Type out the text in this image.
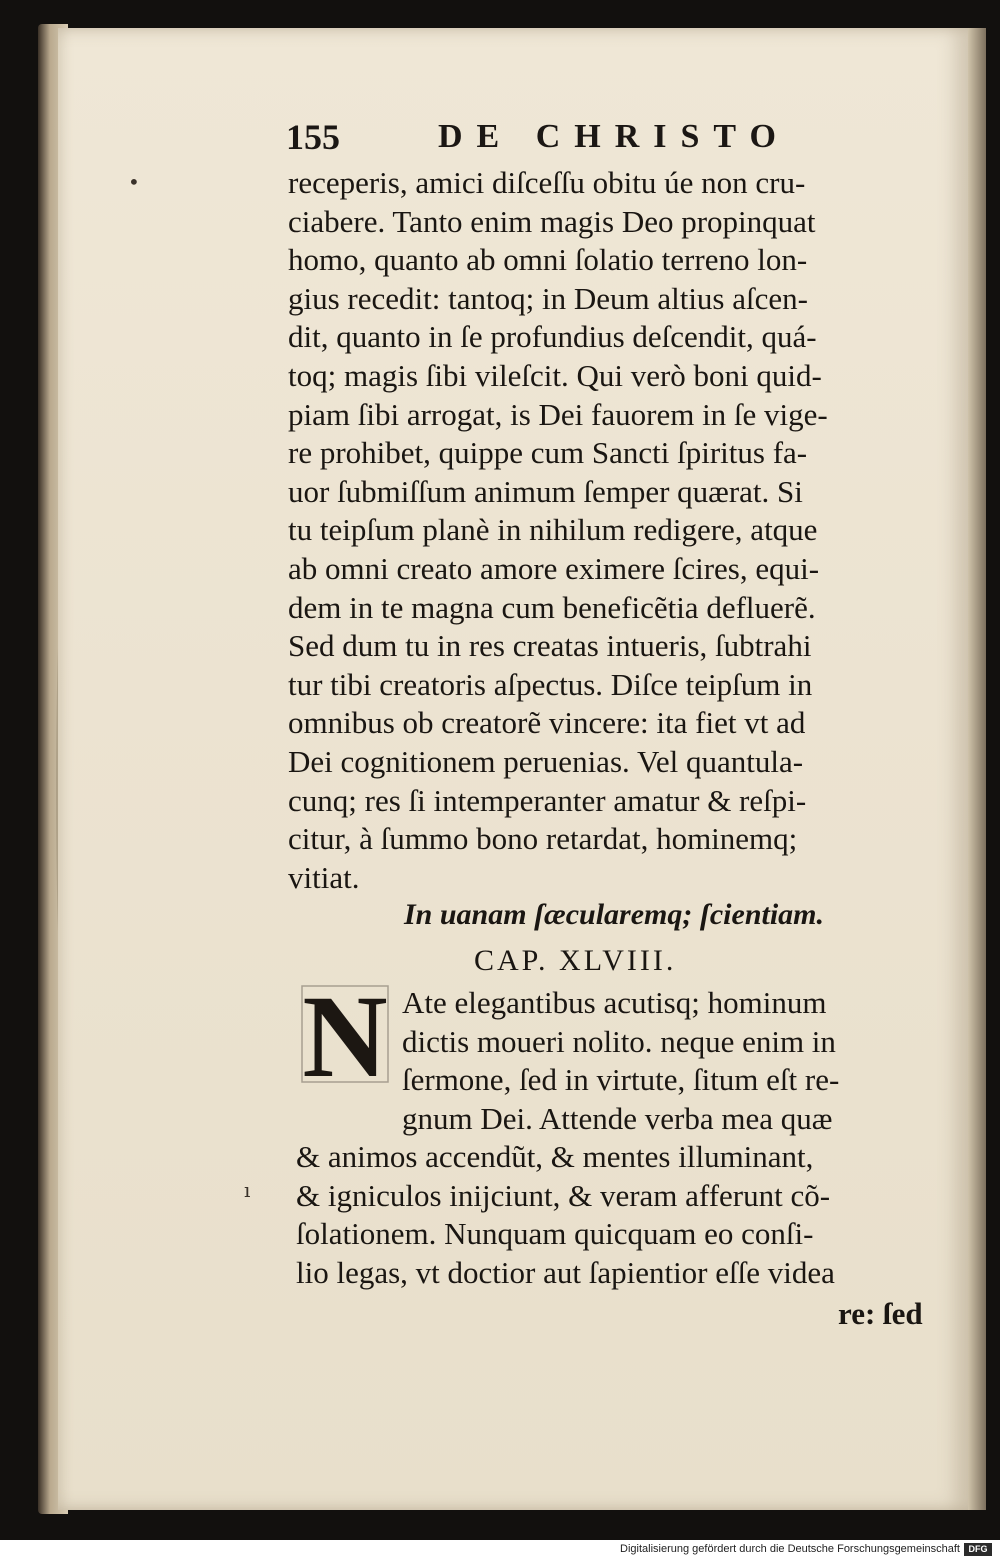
155	DE CHRISTO
receperis, amici diſceſſu obitu úe non cru-
ciabere. Tanto enim magis Deo propinquat
homo, quanto ab omni ſolatio terreno lon-
gius recedit: tantoq; in Deum altius aſcen-
dit, quanto in ſe profundius deſcendit, quá-
toq; magis ſibi vileſcit. Qui verò boni quid-
piam ſibi arrogat, is Dei fauorem in ſe vige-
re prohibet, quippe cum Sancti ſpiritus fa-
uor ſubmiſſum animum ſemper quærat. Si
tu teipſum planè in nihilum redigere, atque
ab omni creato amore eximere ſcires, equi-
dem in te magna cum beneficẽtia defluerẽ.
Sed dum tu in res creatas intueris, ſubtrahi
tur tibi creatoris aſpectus. Diſce teipſum in
omnibus ob creatorẽ vincere: ita fiet vt ad
Dei cognitionem peruenias. Vel quantula-
cunq; res ſi intemperanter amatur & reſpi-
citur, à ſummo bono retardat, hominemq;
vitiat.
In uanam ſæcularemq; ſcientiam.
CAP. XLVIII.
N Ate elegantibus acutisq; hominum
dictis moueri nolito. neque enim in
ſermone, ſed in virtute, ſitum eſt re-
gnum Dei. Attende verba mea quæ
& animos accendũt, & mentes illuminant,
& igniculos inijciunt, & veram afferunt cõ-
ſolationem. Nunquam quicquam eo conſi-
lio legas, vt doctior aut ſapientior eſſe videa
re: ſed
•
ı
Digitalisierung gefördert durch die Deutsche Forschungsgemeinschaft DFG
